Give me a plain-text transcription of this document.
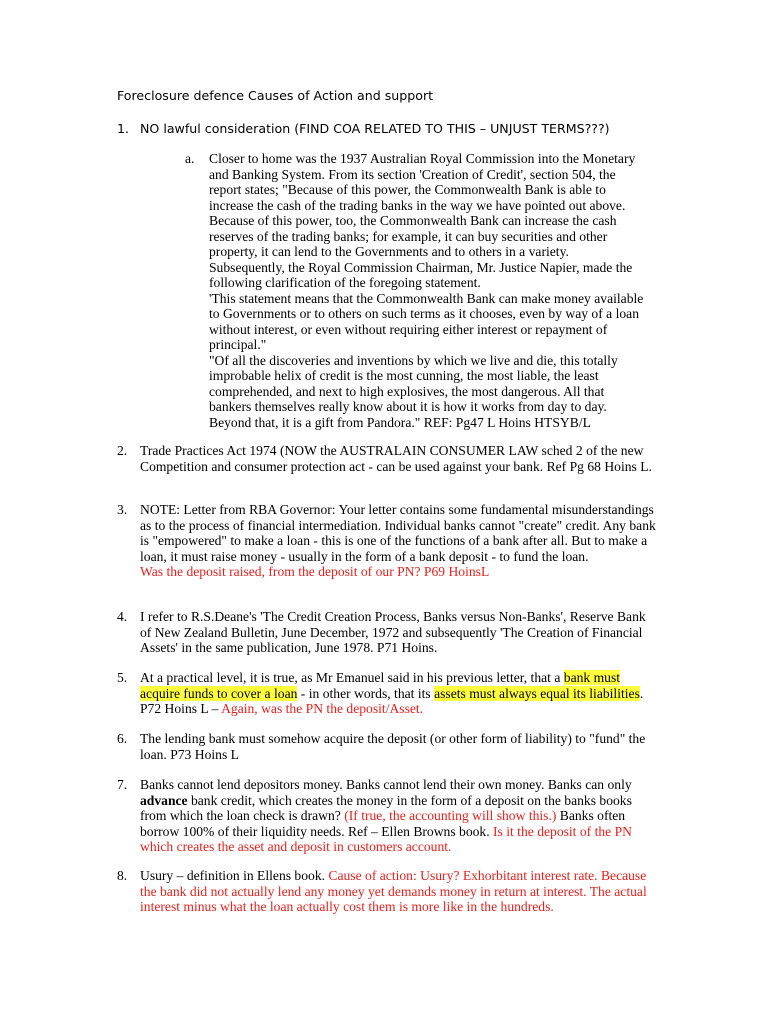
Foreclosure defence Causes of Action and support
1. NO lawful consideration (FIND COA RELATED TO THIS – UNJUST TERMS???)
a. Closer to home was the 1937 Australian Royal Commission into the Monetary and Banking System. From its section 'Creation of Credit', section 504, the report states; "Because of this power, the Commonwealth Bank is able to increase the cash of the trading banks in the way we have pointed out above. Because of this power, too, the Commonwealth Bank can increase the cash reserves of the trading banks; for example, it can buy securities and other property, it can lend to the Governments and to others in a variety. Subsequently, the Royal Commission Chairman, Mr. Justice Napier, made the following clarification of the foregoing statement.
'This statement means that the Commonwealth Bank can make money available to Governments or to others on such terms as it chooses, even by way of a loan without interest, or even without requiring either interest or repayment of principal."
"Of all the discoveries and inventions by which we live and die, this totally improbable helix of credit is the most cunning, the most liable, the least comprehended, and next to high explosives, the most dangerous. All that bankers themselves really know about it is how it works from day to day. Beyond that, it is a gift from Pandora." REF: Pg47 L Hoins HTSYB/L
2. Trade Practices Act 1974 (NOW the AUSTRALAIN CONSUMER LAW sched 2 of the new Competition and consumer protection act - can be used against your bank. Ref Pg 68 Hoins L.
3. NOTE: Letter from RBA Governor: Your letter contains some fundamental misunderstandings as to the process of financial intermediation. Individual banks cannot "create" credit. Any bank is "empowered" to make a loan - this is one of the functions of a bank after all. But to make a loan, it must raise money - usually in the form of a bank deposit - to fund the loan.
Was the deposit raised, from the deposit of our PN? P69 HoinsL
4. I refer to R.S.Deane's 'The Credit Creation Process, Banks versus Non-Banks', Reserve Bank of New Zealand Bulletin, June December, 1972 and subsequently 'The Creation of Financial Assets' in the same publication, June 1978. P71 Hoins.
5. At a practical level, it is true, as Mr Emanuel said in his previous letter, that a bank must acquire funds to cover a loan - in other words, that its assets must always equal its liabilities. P72 Hoins L – Again, was the PN the deposit/Asset.
6. The lending bank must somehow acquire the deposit (or other form of liability) to "fund" the loan. P73 Hoins L
7. Banks cannot lend depositors money. Banks cannot lend their own money. Banks can only advance bank credit, which creates the money in the form of a deposit on the banks books from which the loan check is drawn? (If true, the accounting will show this.) Banks often borrow 100% of their liquidity needs. Ref – Ellen Browns book. Is it the deposit of the PN which creates the asset and deposit in customers account.
8. Usury – definition in Ellens book. Cause of action: Usury? Exhorbitant interest rate. Because the bank did not actually lend any money yet demands money in return at interest. The actual interest minus what the loan actually cost them is more like in the hundreds.
